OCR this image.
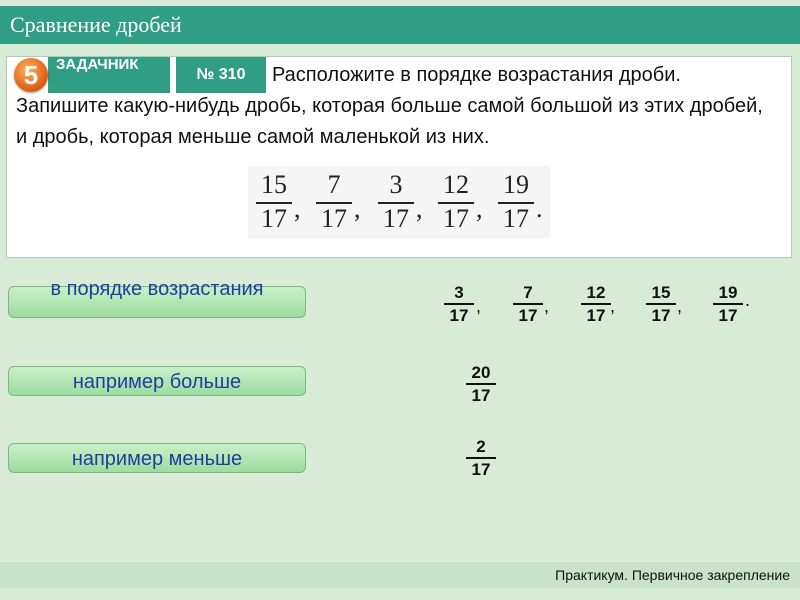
Сравнение дробей
5	ЗАДАЧНИК
№ 310	Расположите в порядке возрастания дроби. Запишите какую-нибудь дробь, которая больше самой большой из этих дробей, и дробь, которая меньше самой маленькой из них.
15
17 ,
7
17 ,
3
17 ,
12
17 ,
19
17 .
в порядке возрастания
например больше
например меньше
3
17 ,
7
17 ,
12
17 ,
15
17 ,
19
17
.
20
17
2
17
Практикум. Первичное закрепление
